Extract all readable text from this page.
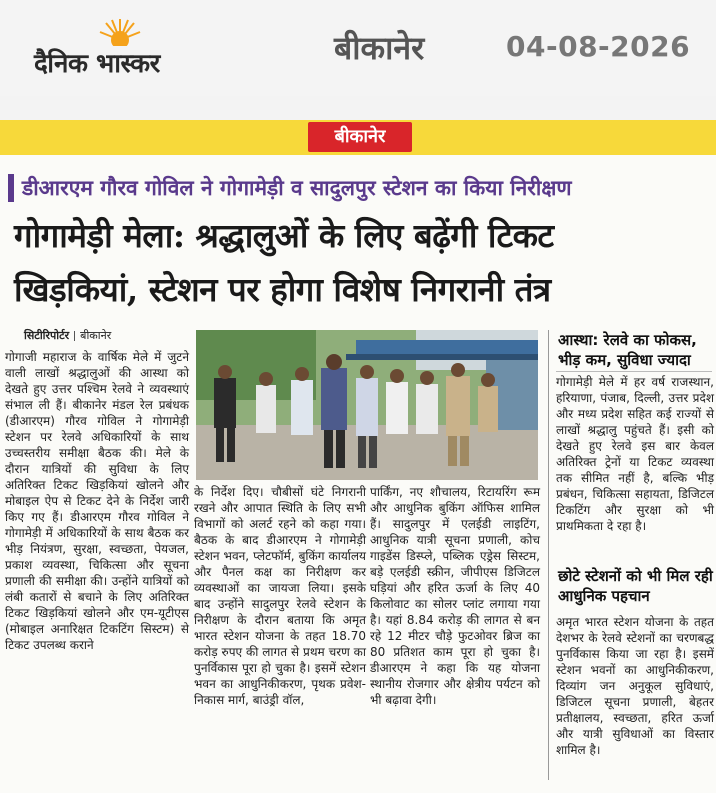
दैनिक भास्कर	बीकानेर	04-08-2026
बीकानेर
डीआरएम गौरव गोविल ने गोगामेड़ी व सादुलपुर स्टेशन का किया निरीक्षण
गोगामेड़ी मेला: श्रद्धालुओं के लिए बढ़ेंगी टिकट
खिड़कियां, स्टेशन पर होगा विशेष निगरानी तंत्र
सिटीरिपोर्टर बीकानेर
गोगाजी महाराज के वार्षिक मेले में जुटने वाली लाखों श्रद्धालुओं की आस्था को देखते हुए उत्तर पश्चिम रेलवे ने व्यवस्थाएं संभाल ली हैं। बीकानेर मंडल रेल प्रबंधक (डीआरएम) गौरव गोविल ने गोगामेड़ी स्टेशन पर रेलवे अधिकारियों के साथ उच्चस्तरीय समीक्षा बैठक की। मेले के दौरान यात्रियों की सुविधा के लिए अतिरिक्त टिकट खिड़कियां खोलने और मोबाइल ऐप से टिकट देने के निर्देश जारी किए गए हैं। डीआरएम गौरव गोविल ने गोगामेड़ी में अधिकारियों के साथ बैठक कर भीड़ नियंत्रण, सुरक्षा, स्वच्छता, पेयजल, प्रकाश व्यवस्था, चिकित्सा और सूचना प्रणाली की समीक्षा की। उन्होंने यात्रियों को लंबी कतारों से बचाने के लिए अतिरिक्त टिकट खिड़कियां खोलने और एम-यूटीएस (मोबाइल अनारिक्षत टिकटिंग सिस्टम) से टिकट उपलब्ध कराने
के निर्देश दिए। चौबीसों घंटे निगरानी रखने और आपात स्थिति के लिए सभी विभागों को अलर्ट रहने को कहा गया। बैठक के बाद डीआरएम ने गोगामेड़ी स्टेशन भवन, प्लेटफॉर्म, बुकिंग कार्यालय और पैनल कक्ष का निरीक्षण कर व्यवस्थाओं का जायजा लिया। इसके बाद उन्होंने सादुलपुर रेलवे स्टेशन के निरीक्षण के दौरान बताया कि अमृत भारत स्टेशन योजना के तहत 18.70 करोड़ रुपए की लागत से प्रथम चरण का पुनर्विकास पूरा हो चुका है। इसमें स्टेशन भवन का आधुनिकीकरण, पृथक प्रवेश-निकास मार्ग, बाउंड्री वॉल,
पार्किंग, नए शौचालय, रिटायरिंग रूम और आधुनिक बुकिंग ऑफिस शामिल हैं। सादुलपुर में एलईडी लाइटिंग, आधुनिक यात्री सूचना प्रणाली, कोच गाइडेंस डिस्प्ले, पब्लिक एड्रेस सिस्टम, बड़े एलईडी स्क्रीन, जीपीएस डिजिटल घड़ियां और हरित ऊर्जा के लिए 40 किलोवाट का सोलर प्लांट लगाया गया है। यहां 8.84 करोड़ की लागत से बन रहे 12 मीटर चौड़े फुटओवर ब्रिज का 80 प्रतिशत काम पूरा हो चुका है। डीआरएम ने कहा कि यह योजना स्थानीय रोजगार और क्षेत्रीय पर्यटन को भी बढ़ावा देगी।
आस्था: रेलवे का फोकस, भीड़ कम, सुविधा ज्यादा
गोगामेड़ी मेले में हर वर्ष राजस्थान, हरियाणा, पंजाब, दिल्ली, उत्तर प्रदेश और मध्य प्रदेश सहित कई राज्यों से लाखों श्रद्धालु पहुंचते हैं। इसी को देखते हुए रेलवे इस बार केवल अतिरिक्त ट्रेनों या टिकट व्यवस्था तक सीमित नहीं है, बल्कि भीड़ प्रबंधन, चिकित्सा सहायता, डिजिटल टिकटिंग और सुरक्षा को भी प्राथमिकता दे रहा है।
छोटे स्टेशनों को भी मिल रही आधुनिक पहचान
अमृत भारत स्टेशन योजना के तहत देशभर के रेलवे स्टेशनों का चरणबद्ध पुनर्विकास किया जा रहा है। इसमें स्टेशन भवनों का आधुनिकीकरण, दिव्यांग जन अनुकूल सुविधाएं, डिजिटल सूचना प्रणाली, बेहतर प्रतीक्षालय, स्वच्छता, हरित ऊर्जा और यात्री सुविधाओं का विस्तार शामिल है।
